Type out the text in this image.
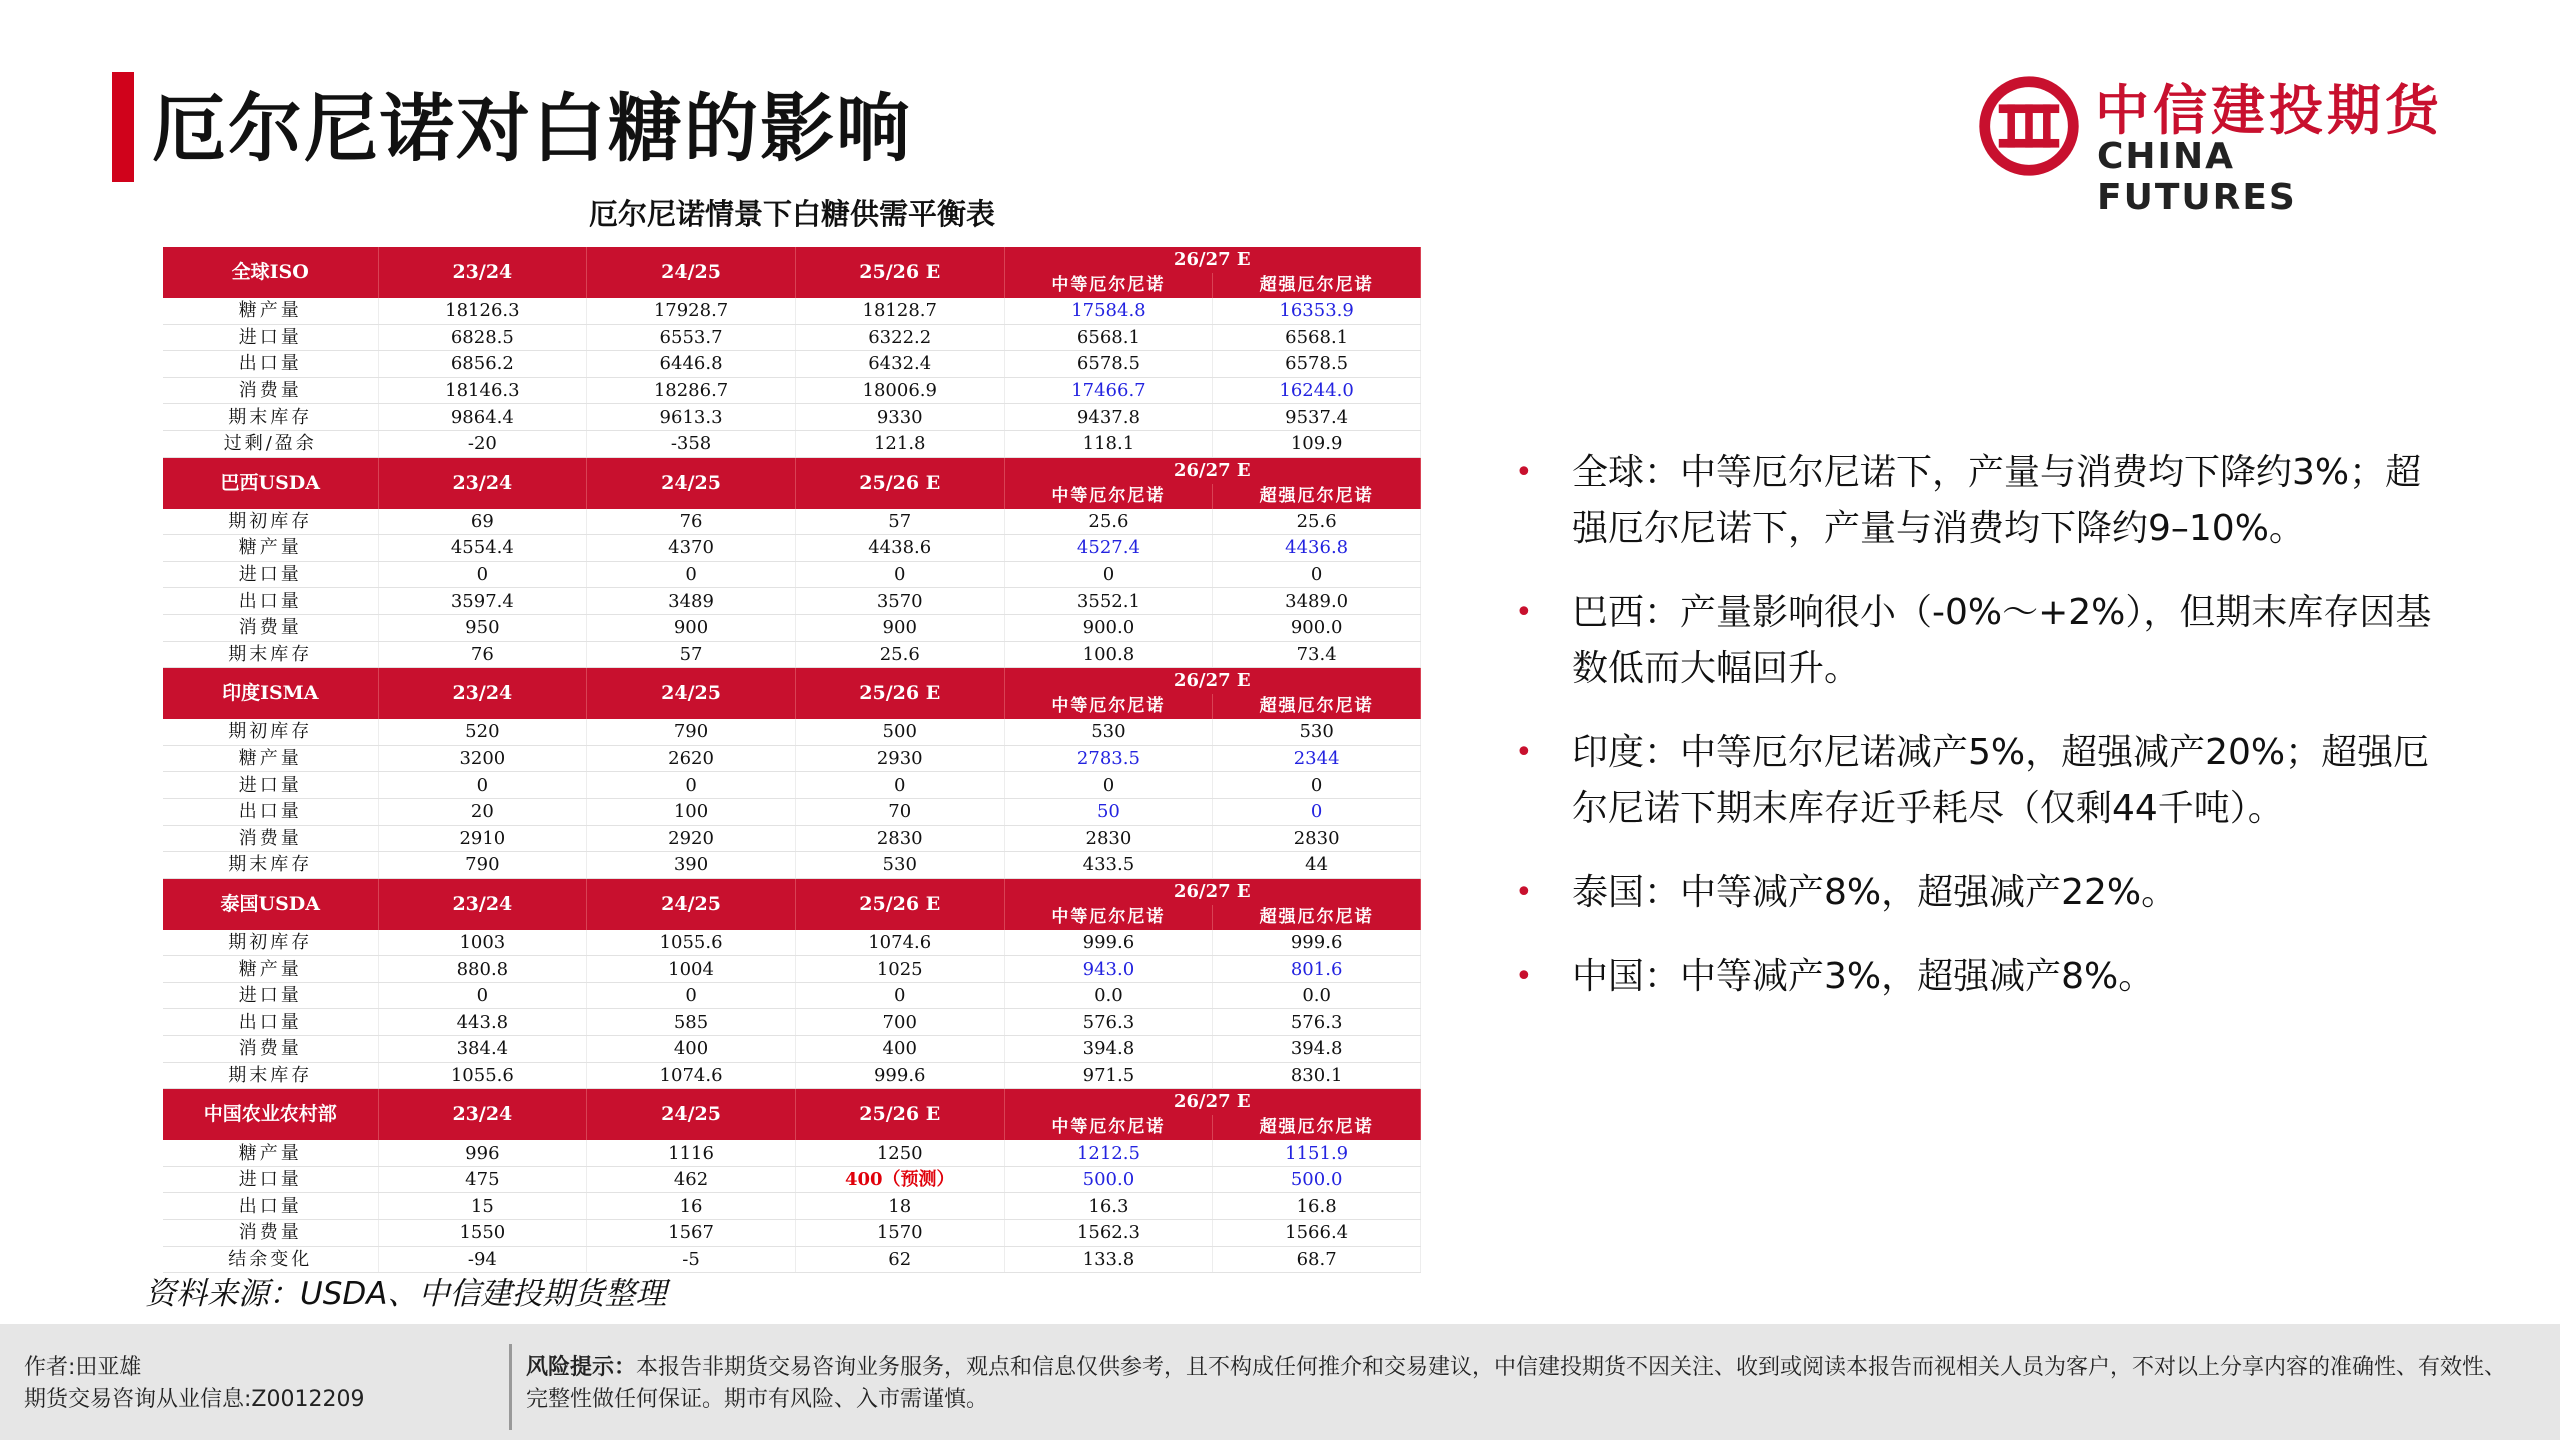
厄尔尼诺对白糖的影响	中信建投期货
CHINA FUTURES
厄尔尼诺情景下白糖供需平衡表
全球ISO	23/24	24/25	25/26 E	26/27 E	
				中等厄尔尼诺	超强厄尔尼诺
糖产量	18126.3	17928.7	18128.7	17584.8	16353.9
进口量	6828.5	6553.7	6322.2	6568.1	6568.1
出口量	6856.2	6446.8	6432.4	6578.5	6578.5
消费量	18146.3	18286.7	18006.9	17466.7	16244.0
期末库存	9864.4	9613.3	9330	9437.8	9537.4
过剩/盈余	-20	-358	121.8	118.1	109.9
巴西USDA	23/24	24/25	25/26 E	26/27 E	
				中等厄尔尼诺	超强厄尔尼诺
期初库存	69	76	57	25.6	25.6
糖产量	4554.4	4370	4438.6	4527.4	4436.8
进口量	0	0	0	0	0
出口量	3597.4	3489	3570	3552.1	3489.0
消费量	950	900	900	900.0	900.0
期末库存	76	57	25.6	100.8	73.4
印度ISMA	23/24	24/25	25/26 E	26/27 E	
				中等厄尔尼诺	超强厄尔尼诺
期初库存	520	790	500	530	530
糖产量	3200	2620	2930	2783.5	2344
进口量	0	0	0	0	0
出口量	20	100	70	50	0
消费量	2910	2920	2830	2830	2830
期末库存	790	390	530	433.5	44
泰国USDA	23/24	24/25	25/26 E	26/27 E	
				中等厄尔尼诺	超强厄尔尼诺
期初库存	1003	1055.6	1074.6	999.6	999.6
糖产量	880.8	1004	1025	943.0	801.6
进口量	0	0	0	0.0	0.0
出口量	443.8	585	700	576.3	576.3
消费量	384.4	400	400	394.8	394.8
期末库存	1055.6	1074.6	999.6	971.5	830.1
中国农业农村部	23/24	24/25	25/26 E	26/27 E	
				中等厄尔尼诺	超强厄尔尼诺
糖产量	996	1116	1250	1212.5	1151.9
进口量	475	462	400（预测）	500.0	500.0
出口量	15	16	18	16.3	16.8
消费量	1550	1567	1570	1562.3	1566.4
结余变化	-94	-5	62	133.8	68.7
资料来源：USDA、中信建投期货整理
• 全球：中等厄尔尼诺下，产量与消费均下降约3%；超强厄尔尼诺下，产量与消费均下降约9–10%。
• 巴西：产量影响很小（-0%～+2%），但期末库存因基数低而大幅回升。
• 印度：中等厄尔尼诺减产5%，超强减产20%；超强厄尔尼诺下期末库存近乎耗尽（仅剩44千吨）。
• 泰国：中等减产8%，超强减产22%。
• 中国：中等减产3%，超强减产8%。
作者:田亚雄
期货交易咨询从业信息:Z0012209
风险提示：本报告非期货交易咨询业务服务，观点和信息仅供参考，且不构成任何推介和交易建议，中信建投期货不因关注、收到或阅读本报告而视相关人员为客户，不对以上分享内容的准确性、有效性、完整性做任何保证。期市有风险、入市需谨慎。
